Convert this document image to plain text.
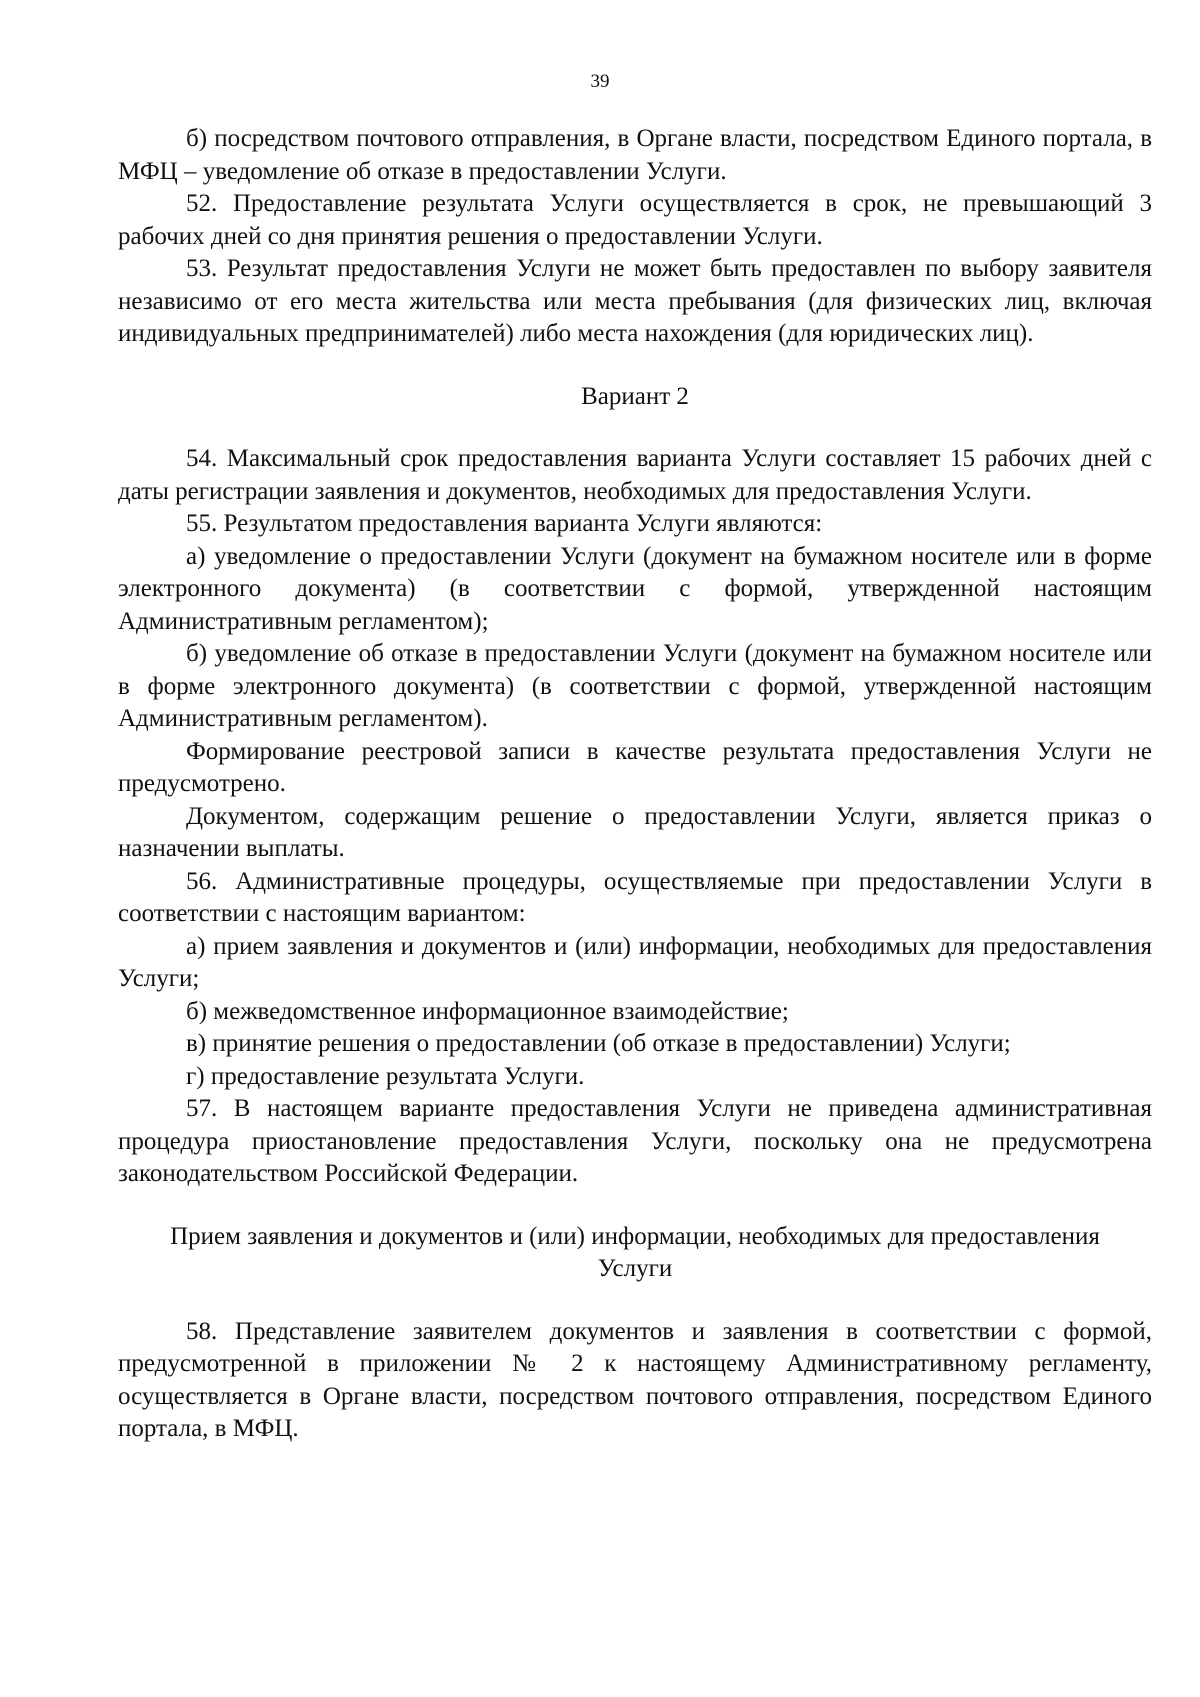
39

б) посредством почтового отправления, в Органе власти, посредством Единого портала, в МФЦ – уведомление об отказе в предоставлении Услуги.

52. Предоставление результата Услуги осуществляется в срок, не превышающий 3 рабочих дней со дня принятия решения о предоставлении Услуги.

53. Результат предоставления Услуги не может быть предоставлен по выбору заявителя независимо от его места жительства или места пребывания (для физических лиц, включая индивидуальных предпринимателей) либо места нахождения (для юридических лиц).

Вариант 2

54. Максимальный срок предоставления варианта Услуги составляет 15 рабочих дней с даты регистрации заявления и документов, необходимых для предоставления Услуги.

55. Результатом предоставления варианта Услуги являются:

а) уведомление о предоставлении Услуги (документ на бумажном носителе или в форме электронного документа) (в соответствии с формой, утвержденной настоящим Административным регламентом);

б) уведомление об отказе в предоставлении Услуги (документ на бумажном носителе или в форме электронного документа) (в соответствии с формой, утвержденной настоящим Административным регламентом).

Формирование реестровой записи в качестве результата предоставления Услуги не предусмотрено.

Документом, содержащим решение о предоставлении Услуги, является приказ о назначении выплаты.

56. Административные процедуры, осуществляемые при предоставлении Услуги в соответствии с настоящим вариантом:

а) прием заявления и документов и (или) информации, необходимых для предоставления Услуги;

б) межведомственное информационное взаимодействие;

в) принятие решения о предоставлении (об отказе в предоставлении) Услуги;

г) предоставление результата Услуги.

57. В настоящем варианте предоставления Услуги не приведена административная процедура приостановление предоставления Услуги, поскольку она не предусмотрена законодательством Российской Федерации.

Прием заявления и документов и (или) информации, необходимых для предоставления Услуги

58. Представление заявителем документов и заявления в соответствии с формой, предусмотренной в приложении № 2 к настоящему Административному регламенту, осуществляется в Органе власти, посредством почтового отправления, посредством Единого портала, в МФЦ.
